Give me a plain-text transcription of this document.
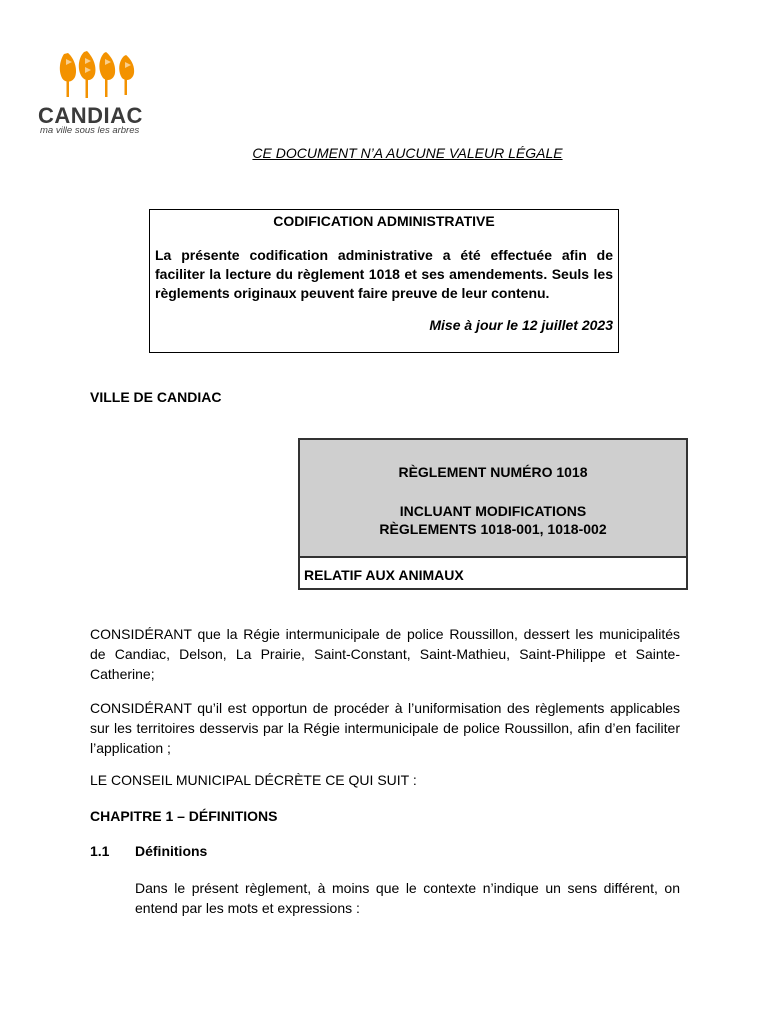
CANDIAC
ma ville sous les arbres
CE DOCUMENT N’A AUCUNE VALEUR LÉGALE
CODIFICATION ADMINISTRATIVE
La présente codification administrative a été effectuée afin de faciliter la lecture du règlement 1018 et ses amendements. Seuls les règlements originaux peuvent faire preuve de leur contenu.
Mise à jour le 12 juillet 2023
VILLE DE CANDIAC
RÈGLEMENT NUMÉRO 1018
INCLUANT MODIFICATIONS
RÈGLEMENTS 1018-001, 1018-002
RELATIF AUX ANIMAUX
CONSIDÉRANT que la Régie intermunicipale de police Roussillon, dessert les municipalités de Candiac, Delson, La Prairie, Saint-Constant, Saint-Mathieu, Saint-Philippe et Sainte-Catherine;
CONSIDÉRANT qu’il est opportun de procéder à l’uniformisation des règlements applicables sur les territoires desservis par la Régie intermunicipale de police Roussillon, afin d’en faciliter l’application ;
LE CONSEIL MUNICIPAL DÉCRÈTE CE QUI SUIT :
CHAPITRE 1 – DÉFINITIONS
1.1 Définitions
Dans le présent règlement, à moins que le contexte n’indique un sens différent, on entend par les mots et expressions :
